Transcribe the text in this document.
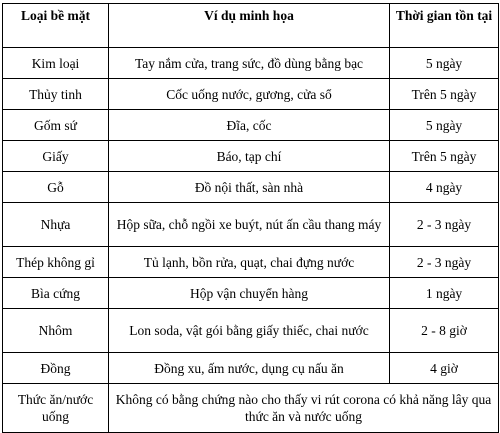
Loại bề mặt	Ví dụ minh họa	Thời gian tồn tại
Kim loại	Tay nắm cửa, trang sức, đồ dùng bằng bạc	5 ngày
Thủy tinh	Cốc uống nước, gương, cửa sổ	Trên 5 ngày
Gốm sứ	Đĩa, cốc	5 ngày
Giấy	Báo, tạp chí	Trên 5 ngày
Gỗ	Đồ nội thất, sàn nhà	4 ngày
Nhựa	Hộp sữa, chỗ ngồi xe buýt, nút ấn cầu thang máy	2 - 3 ngày
Thép không gỉ	Tủ lạnh, bồn rửa, quạt, chai đựng nước	2 - 3 ngày
Bìa cứng	Hộp vận chuyển hàng	1 ngày
Nhôm	Lon soda, vật gói bằng giấy thiếc, chai nước	2 - 8 giờ
Đồng	Đồng xu, ấm nước, dụng cụ nấu ăn	4 giờ
Thức ăn/nước uống	Không có bằng chứng nào cho thấy vi rút corona có khả năng lây qua thức ăn và nước uống	
